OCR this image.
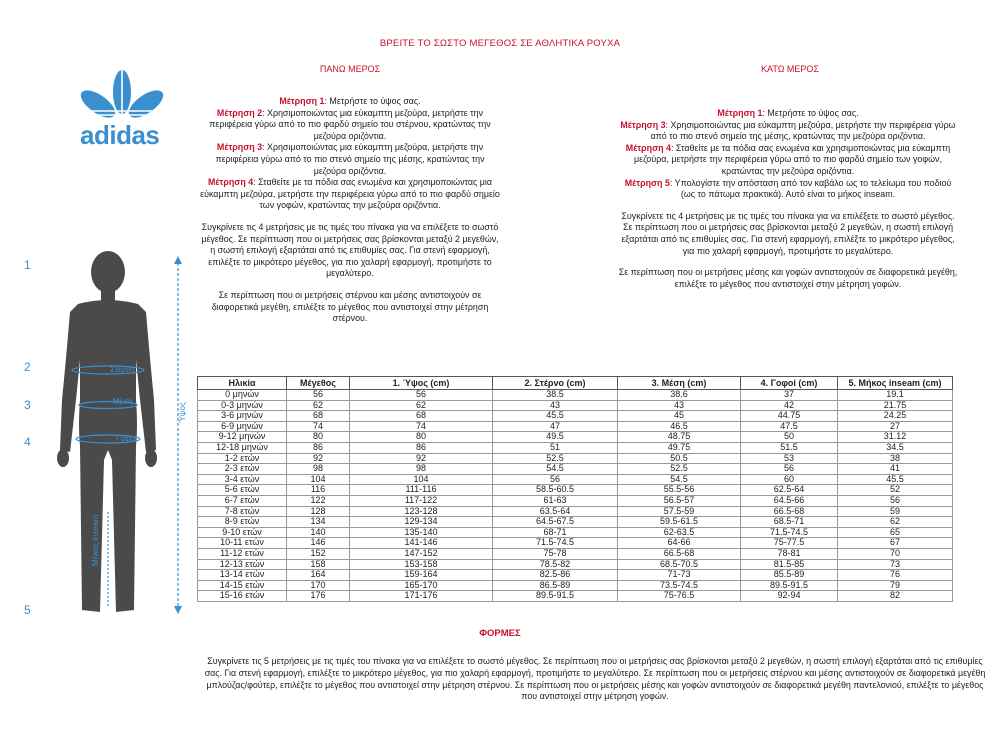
ΒΡΕΙΤΕ ΤΟ ΣΩΣΤΟ ΜΕΓΕΘΟΣ ΣΕ ΑΘΛΗΤΙΚΑ ΡΟΥΧΑ
adidas
ΠΑΝΩ ΜΕΡΟΣ

Μέτρηση 1: Μετρήστε το ύψος σας.

Μέτρηση 2: Χρησιμοποιώντας μια εύκαμπτη μεζούρα, μετρήστε την περιφέρεια γύρω από το πιο φαρδύ σημείο του στέρνου, κρατώντας την μεζούρα οριζόντια.

Μέτρηση 3: Χρησιμοποιώντας μια εύκαμπτη μεζούρα, μετρήστε την περιφέρεια γύρω από το πιο στενό σημείο της μέσης, κρατώντας την μεζούρα οριζόντια.

Μέτρηση 4: Σταθείτε με τα πόδια σας ενωμένα και χρησιμοποιώντας μια εύκαμπτη μεζούρα, μετρήστε την περιφέρεια γύρω από το πιο φαρδύ σημείο των γοφών, κρατώντας την μεζούρα οριζόντια.

Συγκρίνετε τις 4 μετρήσεις με τις τιμές του πίνακα για να επιλέξετε το σωστό μέγεθος. Σε περίπτωση που οι μετρήσεις σας βρίσκονται μεταξύ 2 μεγεθών, η σωστή επιλογή εξαρτάται από τις επιθυμίες σας. Για στενή εφαρμογή, επιλέξτε το μικρότερο μέγεθος, για πιο χαλαρή εφαρμογή, προτιμήστε το μεγαλύτερο.

Σε περίπτωση που οι μετρήσεις στέρνου και μέσης αντιστοιχούν σε διαφορετικά μεγέθη, επιλέξτε το μέγεθος που αντιστοιχεί στην μέτρηση στέρνου.

ΚΑΤΩ ΜΕΡΟΣ

Μέτρηση 1: Μετρήστε το ύψος σας.

Μέτρηση 3: Χρησιμοποιώντας μια εύκαμπτη μεζούρα, μετρήστε την περιφέρεια γύρω από το πιο στενό σημείο της μέσης, κρατώντας την μεζούρα οριζόντια.

Μέτρηση 4: Σταθείτε με τα πόδια σας ενωμένα και χρησιμοποιώντας μια εύκαμπτη μεζούρα, μετρήστε την περιφέρεια γύρω από το πιο φαρδύ σημείο των γοφών, κρατώντας την μεζούρα οριζόντια.

Μέτρηση 5: Υπολογίστε την απόσταση από τον καβάλο ως το τελείωμα του ποδιού (ως το πάτωμα πρακτικά). Αυτό είναι το μήκος inseam.

Συγκρίνετε τις 4 μετρήσεις με τις τιμές του πίνακα για να επιλέξετε το σωστό μέγεθος. Σε περίπτωση που οι μετρήσεις σας βρίσκονται μεταξύ 2 μεγεθών, η σωστή επιλογή εξαρτάται από τις επιθυμίες σας. Για στενή εφαρμογή, επιλέξτε το μικρότερο μέγεθος, για πιο χαλαρή εφαρμογή, προτιμήστε το μεγαλύτερο.

Σε περίπτωση που οι μετρήσεις μέσης και γοφών αντιστοιχούν σε διαφορετικά μεγέθη, επιλέξτε το μέγεθος που αντιστοιχεί στην μέτρηση γοφών.

1
2
3
4
5
Στέρνο
Μέση
Γοφοί
Ύψος
Μήκος inseam
Ηλικία	Μέγεθος	1. Ύψος (cm)	2. Στέρνο (cm)	3. Μέση (cm)	4. Γοφοί (cm)	5. Μήκος inseam (cm)
0 μηνών	56	56	38.5	38.6	37	19.1
0-3 μηνών	62	62	43	43	42	21.75
3-6 μηνών	68	68	45.5	45	44.75	24.25
6-9 μηνών	74	74	47	46.5	47.5	27
9-12 μηνών	80	80	49.5	48.75	50	31.12
12-18 μηνών	86	86	51	49.75	51.5	34.5
1-2 ετών	92	92	52.5	50.5	53	38
2-3 ετών	98	98	54.5	52.5	56	41
3-4 ετών	104	104	56	54.5	60	45.5
5-6 ετών	116	111-116	58.5-60.5	55.5-56	62.5-64	52
6-7 ετών	122	117-122	61-63	56.5-57	64.5-66	56
7-8 ετών	128	123-128	63.5-64	57.5-59	66.5-68	59
8-9 ετών	134	129-134	64.5-67.5	59.5-61.5	68.5-71	62
9-10 ετών	140	135-140	68-71	62-63.5	71.5-74.5	65
10-11 ετών	146	141-146	71.5-74.5	64-66	75-77.5	67
11-12 ετών	152	147-152	75-78	66.5-68	78-81	70
12-13 ετών	158	153-158	78.5-82	68.5-70.5	81.5-85	73
13-14 ετών	164	159-164	82.5-86	71-73	85.5-89	76
14-15 ετών	170	165-170	86.5-89	73.5-74.5	89.5-91.5	79
15-16 ετών	176	171-176	89.5-91.5	75-76.5	92-94	82
ΦΟΡΜΕΣ
Συγκρίνετε τις 5 μετρήσεις με τις τιμές του πίνακα για να επιλέξετε το σωστό μέγεθος. Σε περίπτωση που οι μετρήσεις σας βρίσκονται μεταξύ 2 μεγεθών, η σωστή επιλογή εξαρτάται από τις επιθυμίες σας. Για στενή εφαρμογή, επιλέξτε το μικρότερο μέγεθος, για πιο χαλαρή εφαρμογή, προτιμήστε το μεγαλύτερο. Σε περίπτωση που οι μετρήσεις στέρνου και μέσης αντιστοιχούν σε διαφορετικά μεγέθη μπλούζας/φούτερ, επιλέξτε το μέγεθος που αντιστοιχεί στην μέτρηση στέρνου. Σε περίπτωση που οι μετρήσεις μέσης και γοφών αντιστοιχούν σε διαφορετικά μεγέθη παντελονιού, επιλέξτε το μέγεθος που αντιστοιχεί στην μέτρηση γοφών.
